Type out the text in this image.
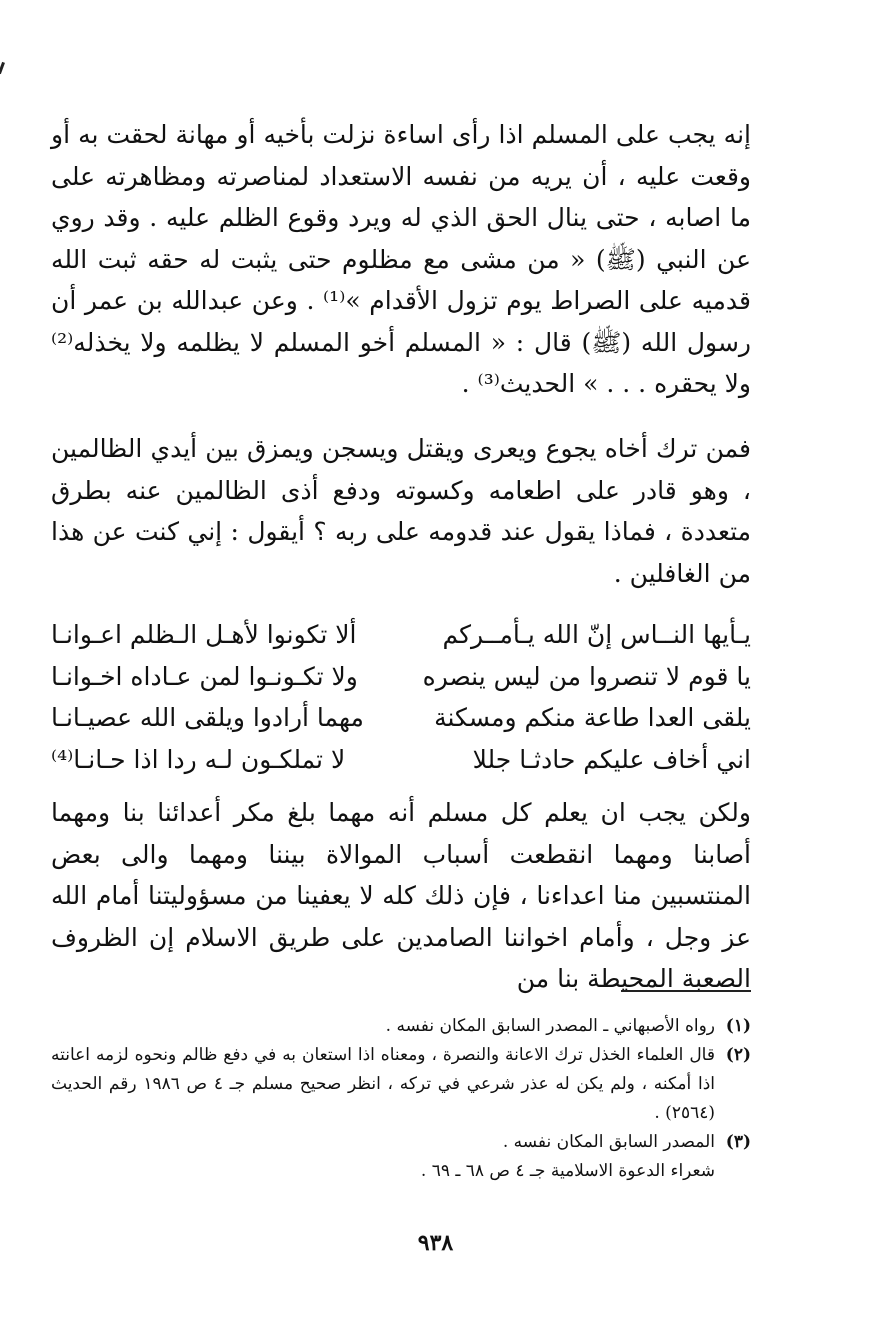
إنه يجب على المسلم اذا رأى اساءة نزلت بأخيه أو مهانة لحقت به أو وقعت عليه ، أن يريه من نفسه الاستعداد لمناصرته ومظاهرته على ما اصابه ، حتى ينال الحق الذي له ويرد وقوع الظلم عليه . وقد روي عن النبي (ﷺ) « من مشى مع مظلوم حتى يثبت له حقه ثبت الله قدميه على الصراط يوم تزول الأقدام »⁽¹⁾ . وعن عبدالله بن عمر أن رسول الله (ﷺ) قال : « المسلم أخو المسلم لا يظلمه ولا يخذله⁽²⁾ ولا يحقره . . . » الحديث⁽³⁾ .

فمن ترك أخاه يجوع ويعرى ويقتل ويسجن ويمزق بين أيدي الظالمين ، وهو قادر على اطعامه وكسوته ودفع أذى الظالمين عنه بطرق متعددة ، فماذا يقول عند قدومه على ربه ؟ أيقول : إني كنت عن هذا من الغافلين .

يـأيها النــاس إنّ الله يـأمــركم
ألا تكونوا لأهـل الـظلم اعـوانـا
يا قوم لا تنصروا من ليس ينصره
ولا تكـونـوا لمن عـاداه اخـوانـا
يلقى العدا طاعة منكم ومسكنة
مهما أرادوا ويلقى الله عصيـانـا
اني أخاف عليكم حادثـا جللا
لا تملكـون لـه ردا اذا حـانـا⁽⁴⁾

ولكن يجب ان يعلم كل مسلم أنه مهما بلغ مكر أعدائنا بنا ومهما أصابنا ومهما انقطعت أسباب الموالاة بيننا ومهما والى بعض المنتسبين منا اعداءنا ، فإن ذلك كله لا يعفينا من مسؤوليتنا أمام الله عز وجل ، وأمام اخواننا الصامدين على طريق الاسلام إن الظروف الصعبة المحيطة بنا من

(١)
رواه الأصبهاني ـ المصدر السابق المكان نفسه .
(٢)
قال العلماء الخذل ترك الاعانة والنصرة ، ومعناه اذا استعان به في دفع ظالم ونحوه لزمه اعانته اذا أمكنه ، ولم يكن له عذر شرعي في تركه ، انظر صحيح مسلم جـ ٤ ص ١٩٨٦ رقم الحديث (٢٥٦٤) .
(٣)
المصدر السابق المكان نفسه .
شعراء الدعوة الاسلامية جـ ٤ ص ٦٨ ـ ٦٩ .
٩٣٨
